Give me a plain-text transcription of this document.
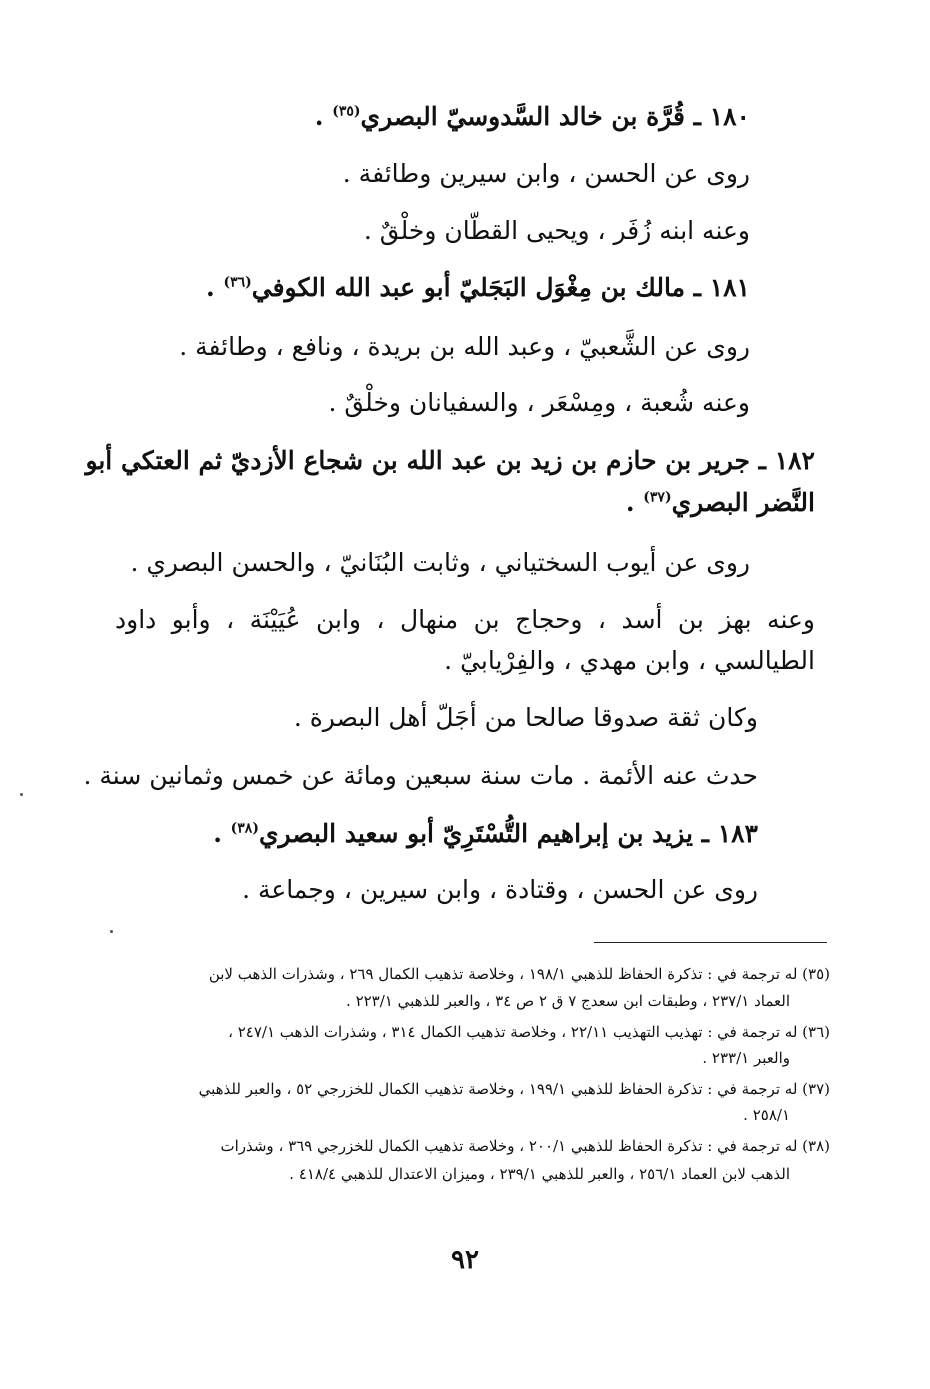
١٨٠ ـ قُرَّة بن خالد السَّدوسيّ البصري$^{(٣٥)}$ .
روى عن الحسن ، وابن سيرين وطائفة .
وعنه ابنه زُفَر ، ويحيى القطّان وخلْقٌ .
١٨١ ـ مالك بن مِغْوَل البَجَليّ أبو عبد الله الكوفي$^{(٣٦)}$ .
روى عن الشَّعبيّ ، وعبد الله بن بريدة ، ونافع ، وطائفة .
وعنه شُعبة ، ومِسْعَر ، والسفيانان وخلْقٌ .
١٨٢ ـ جرير بن حازم بن زيد بن عبد الله بن شجاع الأزديّ ثم العتكي أبو
النَّضر البصري$^{(٣٧)}$ .
روى عن أيوب السختياني ، وثابت البُنَانيّ ، والحسن البصري .
وعنه بهز بن أسد ، وحجاج بن منهال ، وابن عُيَيْنَة ، وأبو داود
الطيالسي ، وابن مهدي ، والفِرْيابيّ .
وكان ثقة صدوقا صالحا من أجَلّ أهل البصرة .
حدث عنه الأئمة . مات سنة سبعين ومائة عن خمس وثمانين سنة .
١٨٣ ـ يزيد بن إبراهيم التُّسْتَرِيّ أبو سعيد البصري$^{(٣٨)}$ .
روى عن الحسن ، وقتادة ، وابن سيرين ، وجماعة .
(٣٥) له ترجمة في : تذكرة الحفاظ للذهبي ١٩٨/١ ، وخلاصة تذهيب الكمال ٢٦٩ ، وشذرات الذهب لابن
العماد ٢٣٧/١ ، وطبقات ابن سعدج ٧ ق ٢ ص ٣٤ ، والعبر للذهبي ٢٢٣/١ .
(٣٦) له ترجمة في : تهذيب التهذيب ٢٢/١١ ، وخلاصة تذهيب الكمال ٣١٤ ، وشذرات الذهب ٢٤٧/١ ،
والعبر ٢٣٣/١ .
(٣٧) له ترجمة في : تذكرة الحفاظ للذهبي ١٩٩/١ ، وخلاصة تذهيب الكمال للخزرجي ٥٢ ، والعبر للذهبي
٢٥٨/١ .
(٣٨) له ترجمة في : تذكرة الحفاظ للذهبي ٢٠٠/١ ، وخلاصة تذهيب الكمال للخزرجي ٣٦٩ ، وشذرات
الذهب لابن العماد ٢٥٦/١ ، والعبر للذهبي ٢٣٩/١ ، وميزان الاعتدال للذهبي ٤١٨/٤ .
٩٢
